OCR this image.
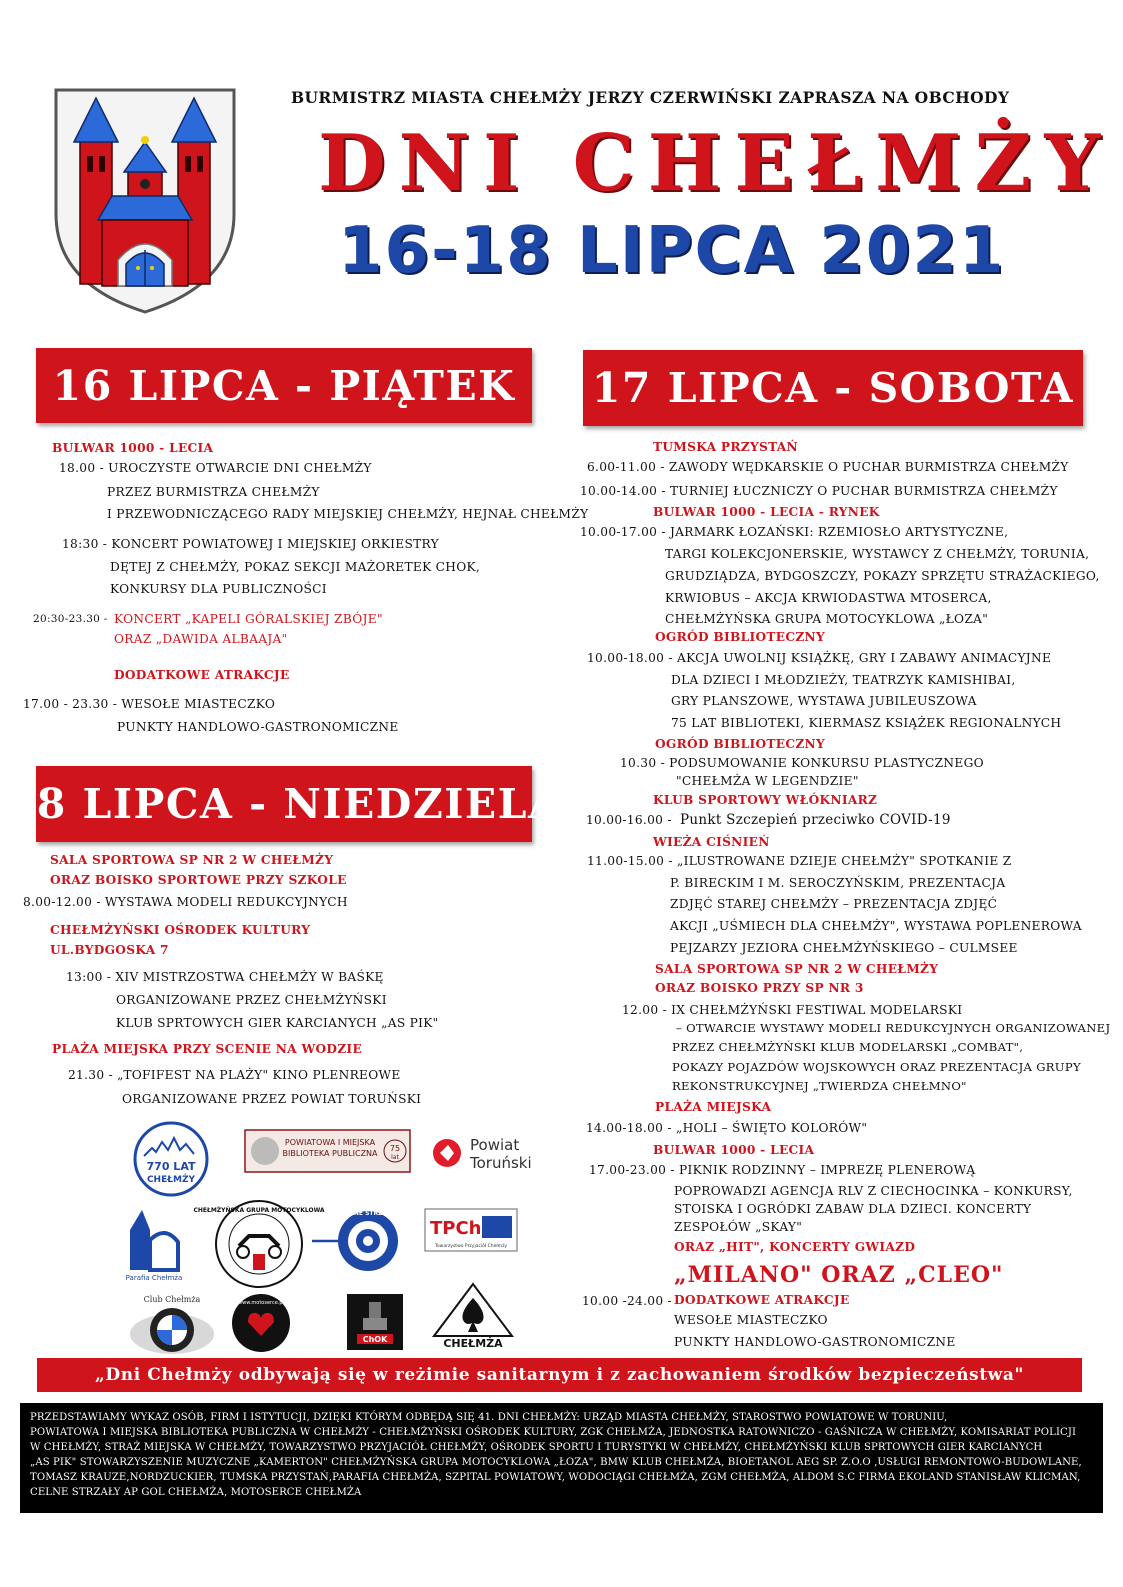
BURMISTRZ MIASTA CHEŁMŻY JERZY CZERWIŃSKI ZAPRASZA NA OBCHODY
DNI CHEŁMŻY
16-18 LIPCA 2021
16 LIPCA - PIĄTEK	17 LIPCA - SOBOTA
18 LIPCA - NIEDZIELA
BULWAR 1000 - LECIA
18.00 - UROCZYSTE OTWARCIE DNI CHEŁMŻY
PRZEZ BURMISTRZA CHEŁMŻY
I PRZEWODNICZĄCEGO RADY MIEJSKIEJ CHEŁMŻY, HEJNAŁ CHEŁMŻY
18:30 - KONCERT POWIATOWEJ I MIEJSKIEJ ORKIESTRY
DĘTEJ Z CHEŁMŻY, POKAZ SEKCJI MAŻORETEK CHOK,
KONKURSY DLA PUBLICZNOŚCI
20:30-23.30 - KONCERT „KAPELI GÓRALSKIEJ ZBÓJE"
ORAZ „DAWIDA ALBAAJA"
DODATKOWE ATRAKCJE
17.00 - 23.30 - WESOŁE MIASTECZKO
PUNKTY HANDLOWO-GASTRONOMICZNE
SALA SPORTOWA SP NR 2 W CHEŁMŻY
ORAZ BOISKO SPORTOWE PRZY SZKOLE
8.00-12.00 - WYSTAWA MODELI REDUKCYJNYCH
CHEŁMŻYŃSKI OŚRODEK KULTURY
UL.BYDGOSKA 7
13:00 - XIV MISTRZOSTWA CHEŁMŻY W BAŚKĘ
ORGANIZOWANE PRZEZ CHEŁMŻYŃSKI
KLUB SPRTOWYCH GIER KARCIANYCH „AS PIK"
PLAŻA MIEJSKA PRZY SCENIE NA WODZIE
21.30 - „TOFIFEST NA PLAŻY" KINO PLENREOWE
ORGANIZOWANE PRZEZ POWIAT TORUŃSKI
TUMSKA PRZYSTAŃ
6.00-11.00 - ZAWODY WĘDKARSKIE O PUCHAR BURMISTRZA CHEŁMŻY
10.00-14.00 - TURNIEJ ŁUCZNICZY O PUCHAR BURMISTRZA CHEŁMŻY
BULWAR 1000 - LECIA - RYNEK
10.00-17.00 - JARMARK ŁOZAŃSKI: RZEMIOSŁO ARTYSTYCZNE,
TARGI KOLEKCJONERSKIE, WYSTAWCY Z CHEŁMŻY, TORUNIA,
GRUDZIĄDZA, BYDGOSZCZY, POKAZY SPRZĘTU STRAŻACKIEGO,
KRWIOBUS – AKCJA KRWIODASTWA MTOSERCA,
CHEŁMŻYŃSKA GRUPA MOTOCYKLOWA „ŁOZA"
OGRÓD BIBLIOTECZNY
10.00-18.00 - AKCJA UWOLNIJ KSIĄŻKĘ, GRY I ZABAWY ANIMACYJNE
DLA DZIECI I MŁODZIEŻY, TEATRZYK KAMISHIBAI,
GRY PLANSZOWE, WYSTAWA JUBILEUSZOWA
75 LAT BIBLIOTEKI, KIERMASZ KSIĄŻEK REGIONALNYCH
OGRÓD BIBLIOTECZNY
10.30 - PODSUMOWANIE KONKURSU PLASTYCZNEGO
"CHEŁMŻA W LEGENDZIE"
KLUB SPORTOWY WŁÓKNIARZ
10.00-16.00 - Punkt Szczepień przeciwko COVID-19
WIEŻA CIŚNIEŃ
11.00-15.00 - „ILUSTROWANE DZIEJE CHEŁMŻY" SPOTKANIE Z
P. BIRECKIM I M. SEROCZYŃSKIM, PREZENTACJA
ZDJĘĆ STAREJ CHEŁMŻY – PREZENTACJA ZDJĘĆ
AKCJI „UŚMIECH DLA CHEŁMŻY", WYSTAWA POPLENEROWA
PEJZARZY JEZIORA CHEŁMŻYŃSKIEGO – CULMSEE
SALA SPORTOWA SP NR 2 W CHEŁMŻY
ORAZ BOISKO PRZY SP NR 3
12.00 - IX CHEŁMŻYŃSKI FESTIWAL MODELARSKI
– OTWARCIE WYSTAWY MODELI REDUKCYJNYCH ORGANIZOWANEJ
PRZEZ CHEŁMŻYŃSKI KLUB MODELARSKI „COMBAT",
POKAZY POJAZDÓW WOJSKOWYCH ORAZ PREZENTACJA GRUPY
REKONSTRUKCYJNEJ „TWIERDZA CHEŁMNO"
PLAŻA MIEJSKA
14.00-18.00 - „HOLI – ŚWIĘTO KOLORÓW"
BULWAR 1000 - LECIA
17.00-23.00 - PIKNIK RODZINNY – IMPREZĘ PLENEROWĄ
POPROWADZI AGENCJA RLV Z CIECHOCINKA – KONKURSY,
STOISKA I OGRÓDKI ZABAW DLA DZIECI. KONCERTY
ZESPOŁÓW „SKAY"
ORAZ „HIT", KONCERTY GWIAZD
„MILANO" ORAZ „CLEO"
10.00 -24.00 - DODATKOWE ATRAKCJE
WESOŁE MIASTECZKO
PUNKTY HANDLOWO-GASTRONOMICZNE
770 LAT
CHEŁMŻY
POWIATOWA I MIEJSKA
BIBLIOTEKA PUBLICZNA
75
lat
Powiat
Toruński
Parafia Chełmża
CHEŁMŻYŃSKA GRUPA MOTOCYKLOWA	CELNE STRZAŁY
TPCh
Towarzystwo Przyjaciół Chełmży
Club Chełmża	www.motoserce.pl
ChOK	CHEŁMŻA
„Dni Chełmży odbywają się w reżimie sanitarnym i z zachowaniem środków bezpieczeństwa"
PRZEDSTAWIAMY WYKAZ OSÓB, FIRM I ISTYTUCJI, DZIĘKI KTÓRYM ODBĘDĄ SIĘ 41. DNI CHEŁMŻY: URZĄD MIASTA CHEŁMŻY, STAROSTWO POWIATOWE W TORUNIU,
POWIATOWA I MIEJSKA BIBLIOTEKA PUBLICZNA W CHEŁMŻY - CHEŁMŻYŃSKI OŚRODEK KULTURY, ZGK CHEŁMŻA, JEDNOSTKA RATOWNICZO - GAŚNICZA W CHEŁMŻY, KOMISARIAT POLICJI
W CHEŁMŻY, STRAŻ MIEJSKA W CHEŁMŻY, TOWARZYSTWO PRZYJACIÓŁ CHEŁMŻY, OŚRODEK SPORTU I TURYSTYKI W CHEŁMŻY, CHEŁMŻYŃSKI KLUB SPRTOWYCH GIER KARCIANYCH
„AS PIK" STOWARZYSZENIE MUZYCZNE „KAMERTON" CHEŁMŻYŃSKA GRUPA MOTOCYKLOWA „ŁOZA", BMW KLUB CHEŁMŻA, BIOETANOL AEG SP. Z.O.O ,USŁUGI REMONTOWO-BUDOWLANE,
TOMASZ KRAUZE,NORDZUCKIER, TUMSKA PRZYSTAŃ,PARAFIA CHEŁMŻA, SZPITAL POWIATOWY, WODOCIĄGI CHEŁMŻA, ZGM CHEŁMŻA, ALDOM S.C FIRMA EKOLAND STANISŁAW KLICMAN,
CELNE STRZAŁY AP GOL CHEŁMŻA, MOTOSERCE CHEŁMŻA
